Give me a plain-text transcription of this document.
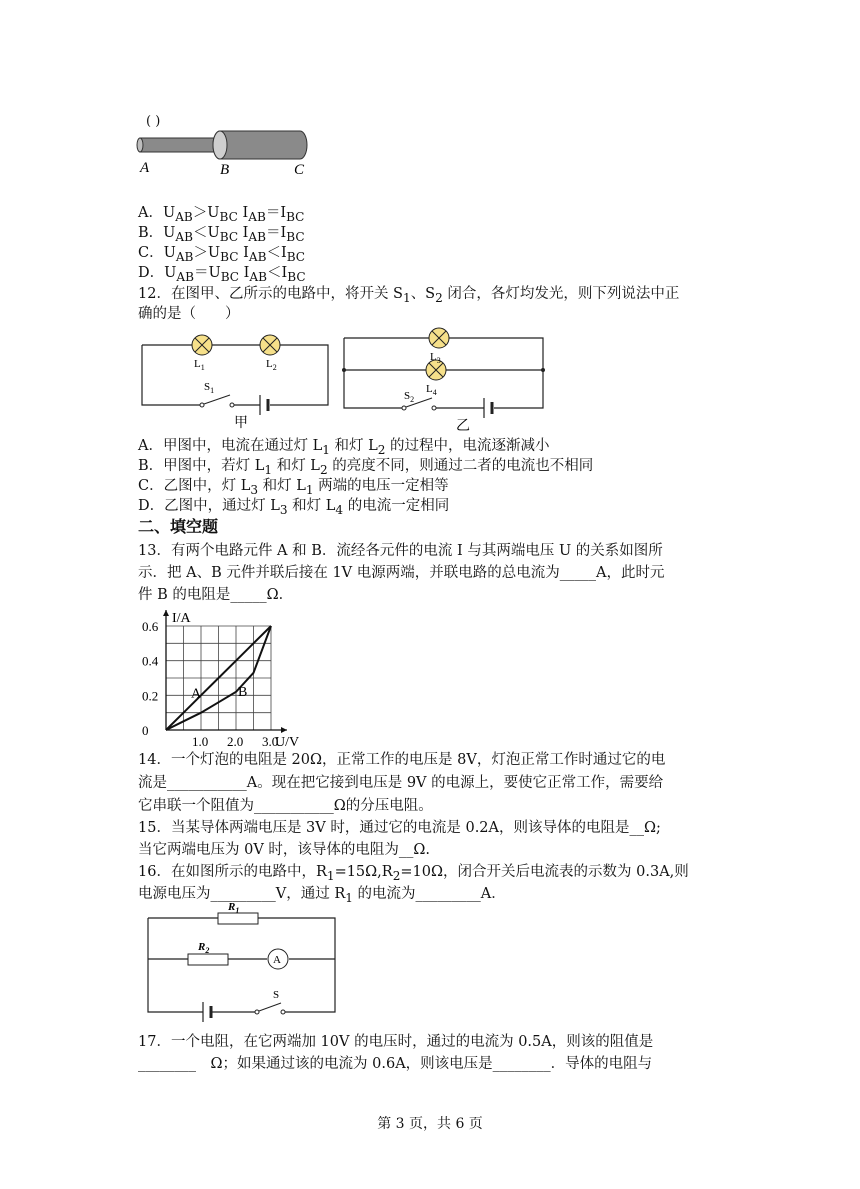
( )
A	B	C
A．$U_{AB}>U_{BC}$ $I_{AB}=I_{BC}$
B．$U_{AB}<U_{BC}$ $I_{AB}=I_{BC}$
C．$U_{AB}>U_{BC}$ $I_{AB}<I_{BC}$
D．$U_{AB}=U_{BC}$ $I_{AB}<I_{BC}$
12．在图甲、乙所示的电路中，将开关 $S_1$、$S_2$ 闭合，各灯均发光，则下列说法中正
确的是（　　）
$L_1$	$L_2$
$S_1$
甲
$L_3$
$L_4$
$S_2$
乙
A．甲图中，电流在通过灯 $L_1$ 和灯 $L_2$ 的过程中，电流逐渐减小
B．甲图中，若灯 $L_1$ 和灯 $L_2$ 的亮度不同，则通过二者的电流也不相同
C．乙图中，灯 $L_3$ 和灯 $L_1$ 两端的电压一定相等
D．乙图中，通过灯 $L_3$ 和灯 $L_4$ 的电流一定相同
二、填空题
13．有两个电路元件 A 和 B．流经各元件的电流 I 与其两端电压 U 的关系如图所
示．把 A、B 元件并联后接在 1V 电源两端，并联电路的总电流为_____A，此时元
件 B 的电阻是_____Ω．
I/A
U/V
0
0.2
0.4
0.6
1.0 2.0 3.0
A	B
14．一个灯泡的电阻是 20Ω，正常工作的电压是 8V，灯泡正常工作时通过它的电
流是___________A。现在把它接到电压是 9V 的电源上，要使它正常工作，需要给
它串联一个阻值为___________Ω的分压电阻。
15．当某导体两端电压是 3V 时，通过它的电流是 0.2A，则该导体的电阻是__Ω;
当它两端电压为 0V 时，该导体的电阻为__Ω.
16．在如图所示的电路中，$R_1=15\Omega,R_2=10\Omega$，闭合开关后电流表的示数为 0.3A,则
电源电压为_________V，通过 $R_1$ 的电流为_________A．
$R_1$
$R_2$
A
S
17．一个电阻，在它两端加 10V 的电压时，通过的电流为 0.5A，则该的阻值是
________　Ω；如果通过该的电流为 0.6A，则该电压是________．导体的电阻与
第 3 页，共 6 页
